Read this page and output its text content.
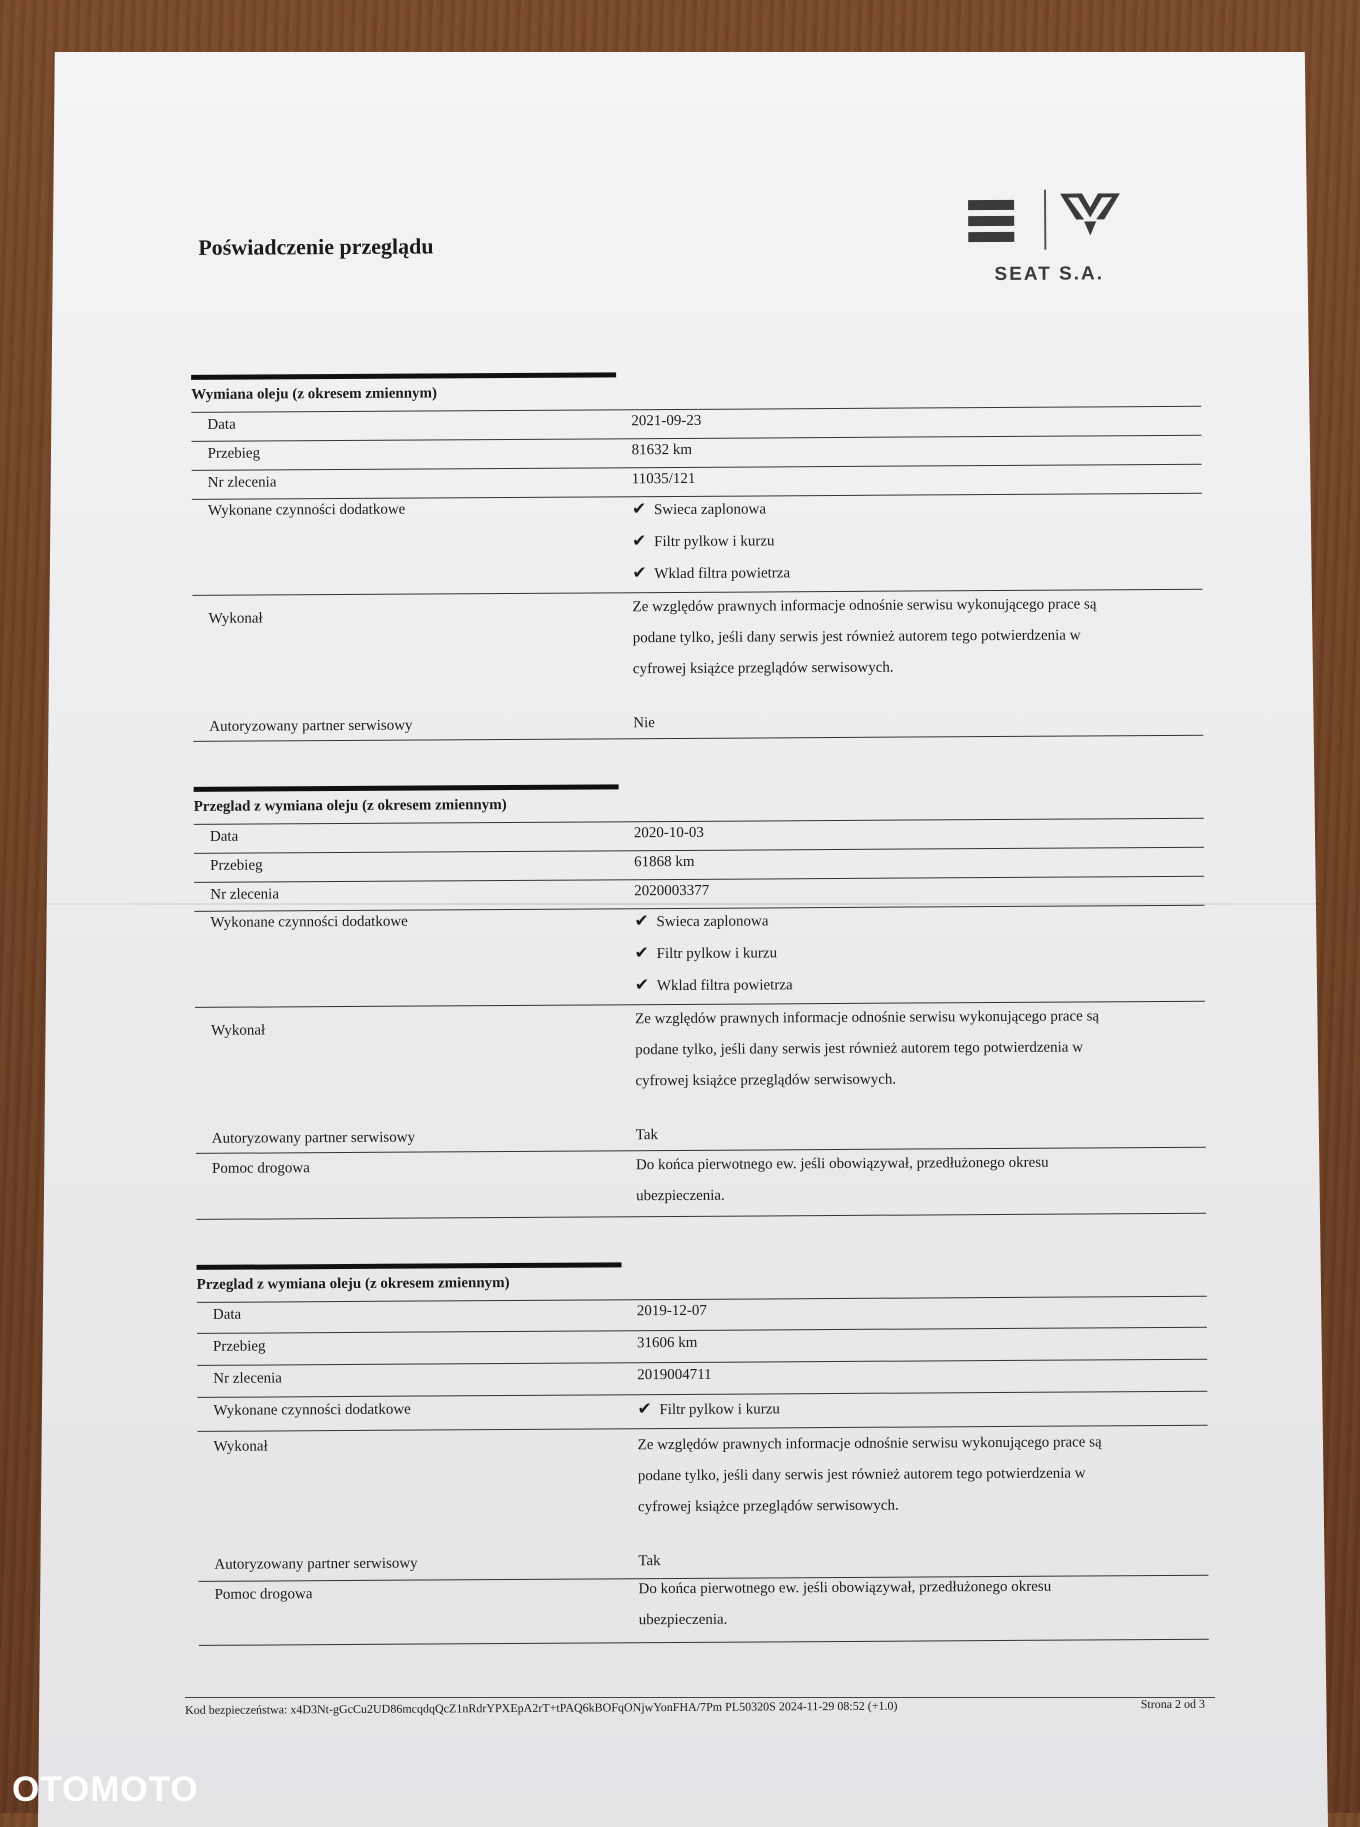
Poświadczenie przeglądu
SEAT S.A.
Wymiana oleju (z okresem zmiennym)
Data	2021-09-23
Przebieg	81632 km
Nr zlecenia	11035/121
Wykonane czynności dodatkowe	✔ Swieca zaplonowa
✔ Filtr pylkow i kurzu
✔ Wklad filtra powietrza
Wykonał
Ze względów prawnych informacje odnośnie serwisu wykonującego prace są
podane tylko, jeśli dany serwis jest również autorem tego potwierdzenia w
cyfrowej książce przeglądów serwisowych.
Autoryzowany partner serwisowy	Nie
Przeglad z wymiana oleju (z okresem zmiennym)
Data	2020-10-03
Przebieg	61868 km
Nr zlecenia	2020003377
Wykonane czynności dodatkowe	✔ Swieca zaplonowa
✔ Filtr pylkow i kurzu
✔ Wklad filtra powietrza
Wykonał
Ze względów prawnych informacje odnośnie serwisu wykonującego prace są
podane tylko, jeśli dany serwis jest również autorem tego potwierdzenia w
cyfrowej książce przeglądów serwisowych.
Autoryzowany partner serwisowy	Tak
Pomoc drogowa	Do końca pierwotnego ew. jeśli obowiązywał, przedłużonego okresu
ubezpieczenia.
Przeglad z wymiana oleju (z okresem zmiennym)
Data	2019-12-07
Przebieg	31606 km
Nr zlecenia	2019004711
Wykonane czynności dodatkowe	✔ Filtr pylkow i kurzu
Wykonał	Ze względów prawnych informacje odnośnie serwisu wykonującego prace są
podane tylko, jeśli dany serwis jest również autorem tego potwierdzenia w
cyfrowej książce przeglądów serwisowych.
Autoryzowany partner serwisowy	Tak
Pomoc drogowa	Do końca pierwotnego ew. jeśli obowiązywał, przedłużonego okresu
ubezpieczenia.
Kod bezpieczeństwa: x4D3Nt-gGcCu2UD86mcqdqQcZ1nRdrYPXEpA2rT+tPAQ6kBOFqONjwYonFHA/7Pm PL50320S 2024-11-29 08:52 (+1.0)	Strona 2 od 3
OTOMOTO
